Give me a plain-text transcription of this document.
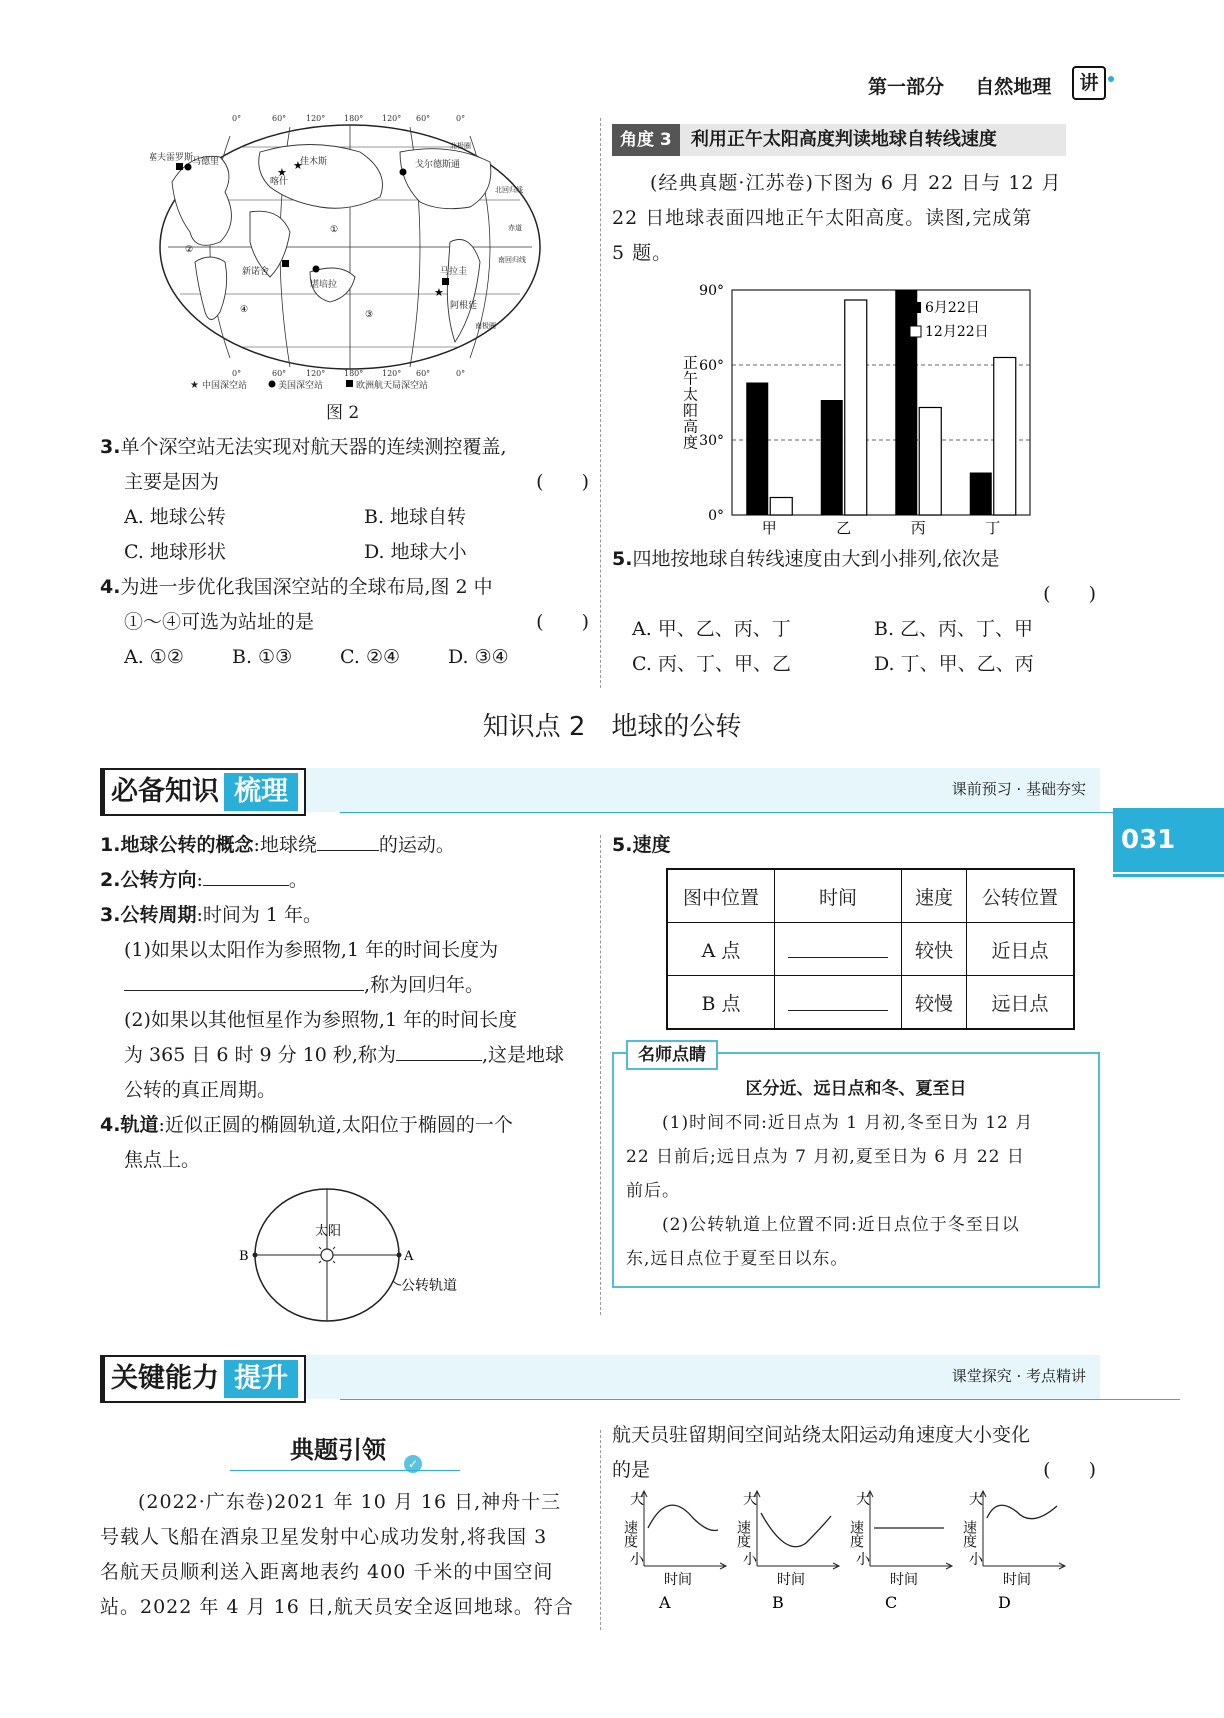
第一部分 自然地理	讲
031
0°	60° 120° 180° 120° 60°	0°
★
★
★
①
②
③
④
塞夫雷罗斯
马德里
喀什
佳木斯	戈尔德斯通
新诺舍
堪培拉
马拉圭
阿根廷
北回归线
赤道
南回归线
南极圈
北极圈
0°	60° 120° 180° 120° 60°	0°
★ 中国深空站	美国深空站	欧洲航天局深空站
图 2
3.单个深空站无法实现对航天器的连续测控覆盖,
主要是因为	(　　)
A. 地球公转	B. 地球自转
C. 地球形状	D. 地球大小
4.为进一步优化我国深空站的全球布局,图 2 中
①～④可选为站址的是	(　　)
A. ①②	B. ①③	C. ②④	D. ③④
角度 3 利用正午太阳高度判读地球自转线速度
(经典真题·江苏卷)下图为 6 月 22 日与 12 月
22 日地球表面四地正午太阳高度。读图,完成第
5 题。
0°
30°
60°
90°
正午太阳高度
甲	乙	丙	丁
6月22日
12月22日
5.四地按地球自转线速度由大到小排列,依次是
(　　)
A. 甲、乙、丙、丁	B. 乙、丙、丁、甲
C. 丙、丁、甲、乙	D. 丁、甲、乙、丙
知识点 2　地球的公转
必备知识 梳理	课前预习 · 基础夯实
1.地球公转的概念:地球绕	的运动。
2.公转方向:	。
3.公转周期:时间为 1 年。
(1)如果以太阳作为参照物,1 年的时间长度为
,称为回归年。
(2)如果以其他恒星作为参照物,1 年的时间长度
为 365 日 6 时 9 分 10 秒,称为	,这是地球
公转的真正周期。
4.轨道:近似正圆的椭圆轨道,太阳位于椭圆的一个
焦点上。
太阳
A
B
公转轨道
5.速度
图中位置	时间	速度	公转位置
A 点		较快	近日点
B 点		较慢	远日点
名师点睛
区分近、远日点和冬、夏至日
(1)时间不同:近日点为 1 月初,冬至日为 12 月
22 日前后;远日点为 7 月初,夏至日为 6 月 22 日
前后。
(2)公转轨道上位置不同:近日点位于冬至日以
东,远日点位于夏至日以东。
关键能力 提升	课堂探究 · 考点精讲
典题引领	✓
(2022·广东卷)2021 年 10 月 16 日,神舟十三
号载人飞船在酒泉卫星发射中心成功发射,将我国 3
名航天员顺利送入距离地表约 400 千米的中国空间
站。2022 年 4 月 16 日,航天员安全返回地球。符合
航天员驻留期间空间站绕太阳运动角速度大小变化
的是	(　　)
大
小
速度
时间
A
大
小
速度
时间
B
大
小
速度
时间
C
大
小
速度
时间
D
